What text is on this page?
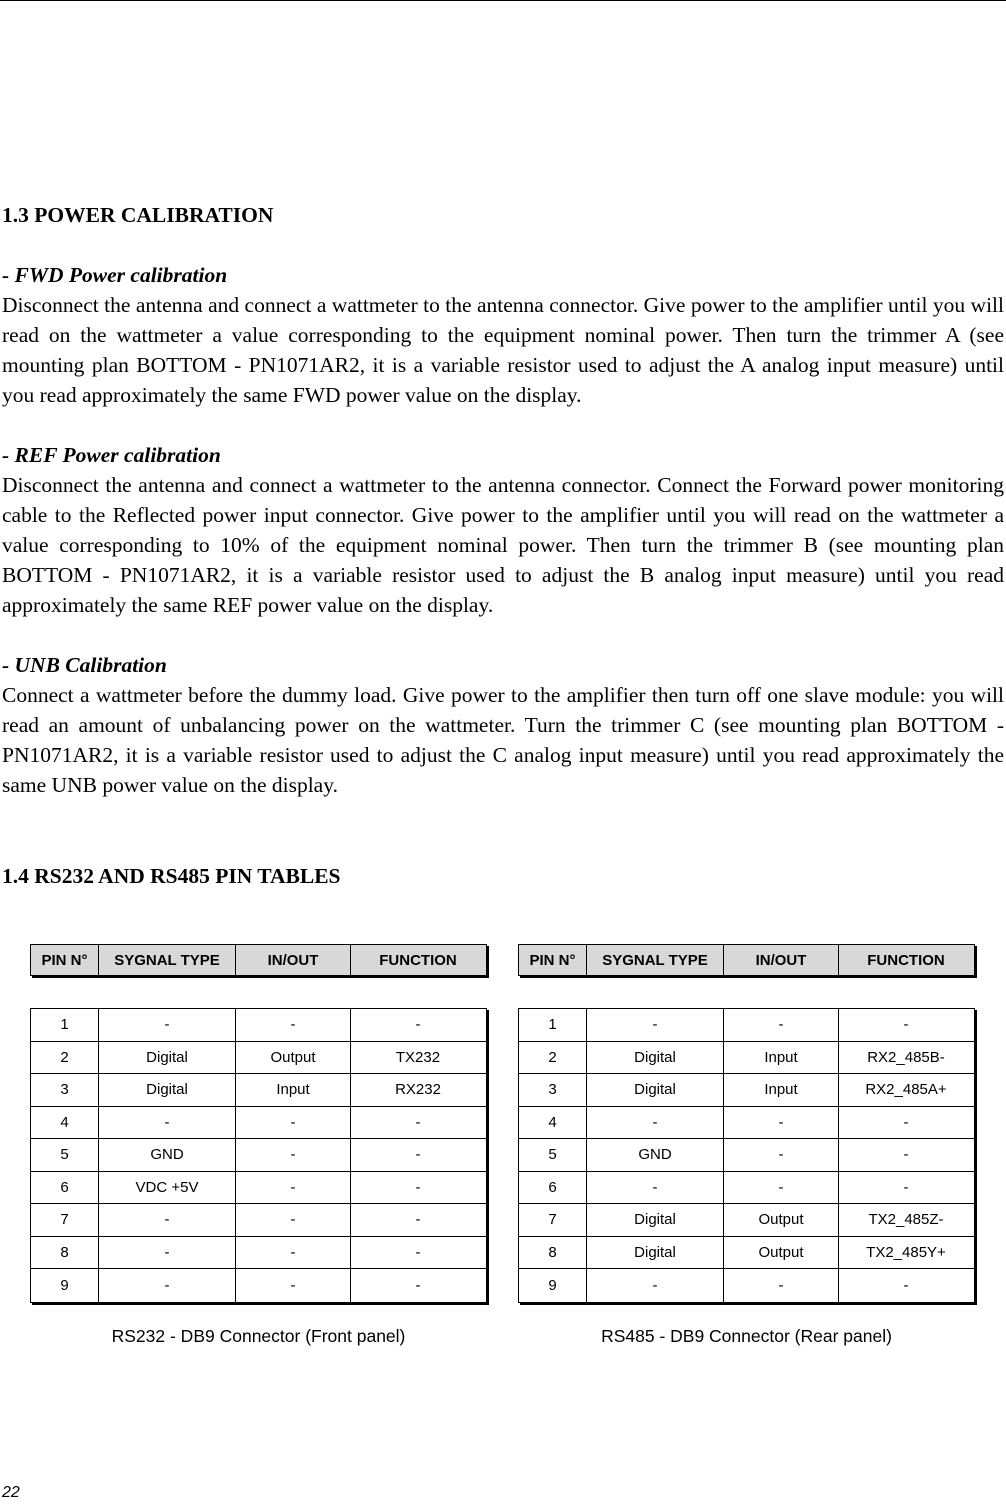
1.3 POWER CALIBRATION

- FWD Power calibration

Disconnect the antenna and connect a wattmeter to the antenna connector. Give power to the amplifier until you will read on the wattmeter a value corresponding to the equipment nominal power. Then turn the trimmer A (see mounting plan BOTTOM - PN1071AR2, it is a variable resistor used to adjust the A analog input measure) until you read approximately the same FWD power value on the display.

- REF Power calibration

Disconnect the antenna and connect a wattmeter to the antenna connector. Connect the Forward power monitoring cable to the Reflected power input connector. Give power to the amplifier until you will read on the wattmeter a value corresponding to 10% of the equipment nominal power. Then turn the trimmer B (see mounting plan BOTTOM - PN1071AR2, it is a variable resistor used to adjust the B analog input measure) until you read approximately the same REF power value on the display.

- UNB Calibration

Connect a wattmeter before the dummy load. Give power to the amplifier then turn off one slave module: you will read an amount of unbalancing power on the wattmeter. Turn the trimmer C (see mounting plan BOTTOM - PN1071AR2, it is a variable resistor used to adjust the C analog input measure) until you read approximately the same UNB power value on the display.

1.4 RS232 AND RS485 PIN TABLES
PIN N°	SYGNAL TYPE	IN/OUT	FUNCTION
1	-	-	-
2	Digital	Output	TX232
3	Digital	Input	RX232
4	-	-	-
5	GND	-	-
6	VDC +5V	-	-
7	-	-	-
8	-	-	-
9	-	-	-
PIN N°	SYGNAL TYPE	IN/OUT	FUNCTION
1	-	-	-
2	Digital	Input	RX2_485B-
3	Digital	Input	RX2_485A+
4	-	-	-
5	GND	-	-
6	-	-	-
7	Digital	Output	TX2_485Z-
8	Digital	Output	TX2_485Y+
9	-	-	-
RS232 - DB9 Connector (Front panel)	RS485 - DB9 Connector (Rear panel)
22
